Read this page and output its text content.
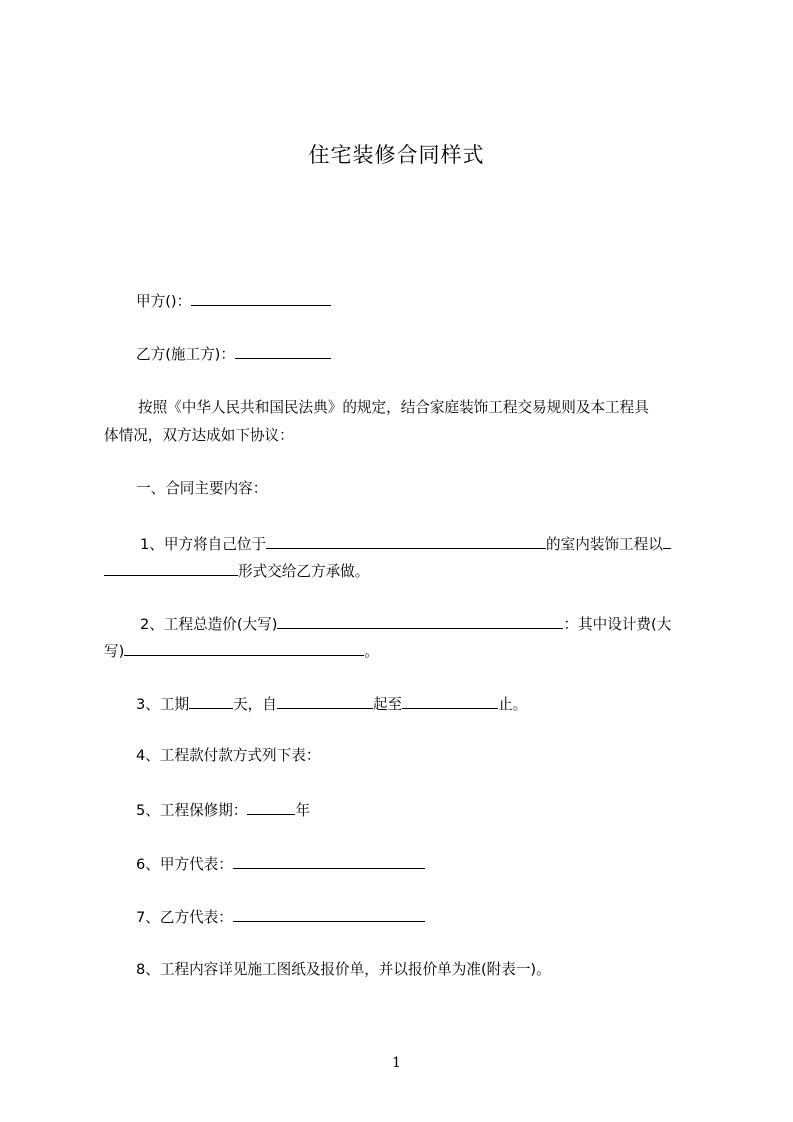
住宅装修合同样式
甲方()：
乙方(施工方)：
按照《中华人民共和国民法典》的规定，结合家庭装饰工程交易规则及本工程具
体情况，双方达成如下协议：
一、合同主要内容：
1、甲方将自己位于	的室内装饰工程以
形式交给乙方承做。
2、工程总造价(大写)	：其中设计费(大
写)	。
3、工期	天，自	起至	止。
4、工程款付款方式列下表：
5、工程保修期：	年
6、甲方代表：
7、乙方代表：
8、工程内容详见施工图纸及报价单，并以报价单为准(附表一)。
1
